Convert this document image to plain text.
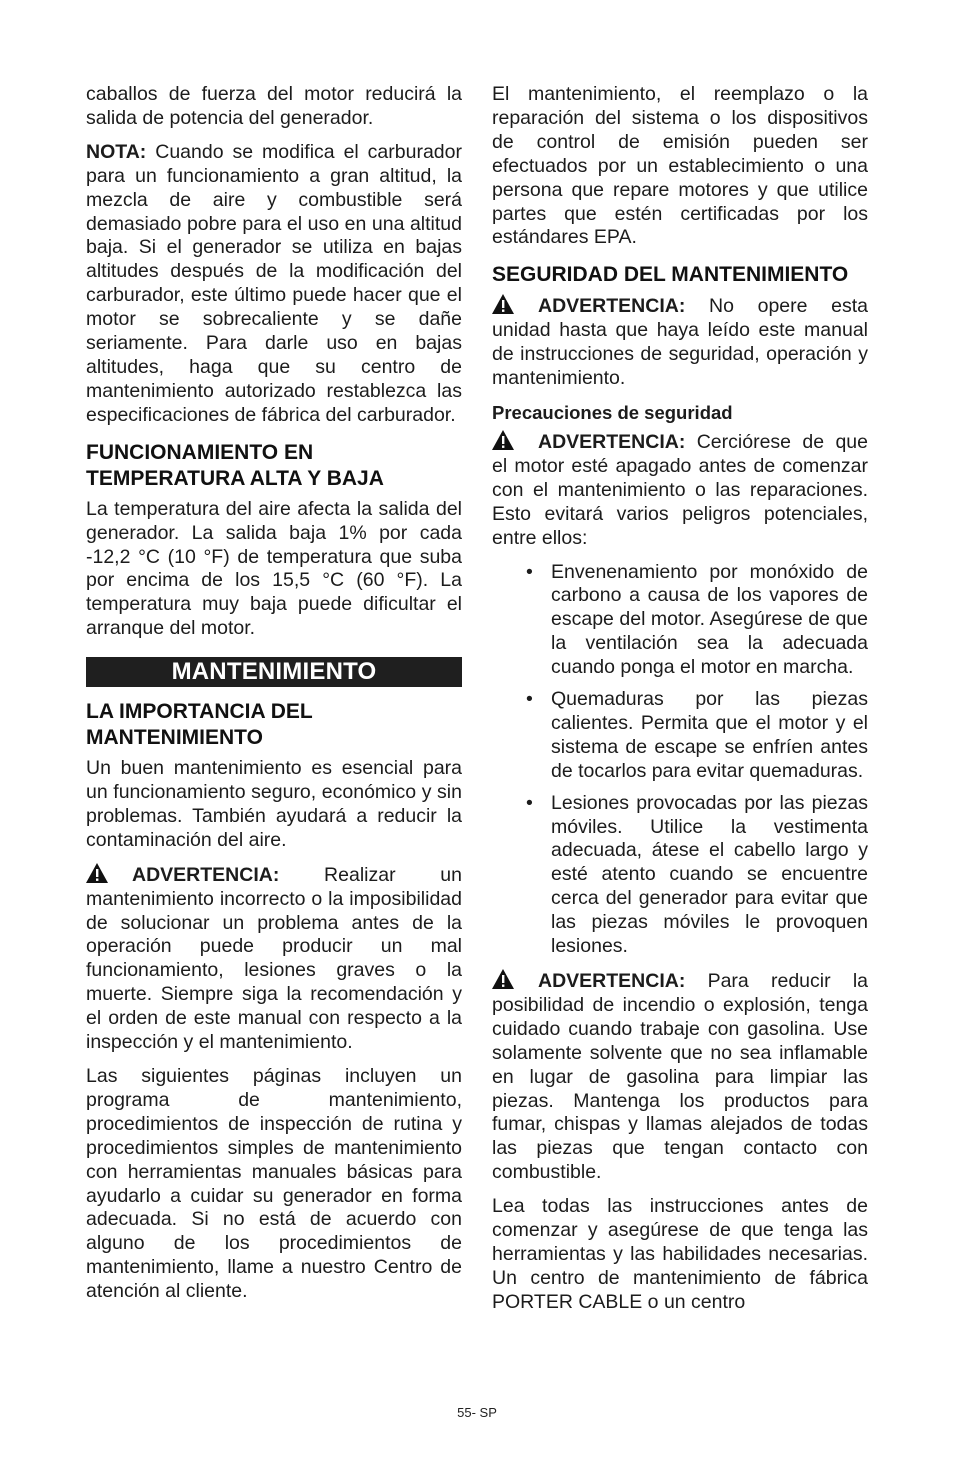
caballos de fuerza del motor reducirá la salida de potencia del generador.

NOTA: Cuando se modifica el carburador para un funcionamiento a gran altitud, la mezcla de aire y combustible será demasiado pobre para el uso en una altitud baja. Si el generador se utiliza en bajas altitudes después de la modificación del carburador, este último puede hacer que el motor se sobrecaliente y se dañe seriamente. Para darle uso en bajas altitudes, haga que su centro de mantenimiento autorizado restablezca las especificaciones de fábrica del carburador.

FUNCIONAMIENTO EN TEMPERATURA ALTA Y BAJA

La temperatura del aire afecta la salida del generador. La salida baja 1% por cada -12,2 °C (10 °F) de temperatura que suba por encima de los 15,5 °C (60 °F). La temperatura muy baja puede dificultar el arranque del motor.

MANTENIMIENTO
LA IMPORTANCIA DEL MANTENIMIENTO

Un buen mantenimiento es esencial para un funcionamiento seguro, económico y sin problemas. También ayudará a reducir la contaminación del aire.

ADVERTENCIA: Realizar un mantenimiento incorrecto o la imposibilidad de solucionar un problema antes de la operación puede producir un mal funcionamiento, lesiones graves o la muerte. Siempre siga la recomendación y el orden de este manual con respecto a la inspección y el mantenimiento.

Las siguientes páginas incluyen un programa de mantenimiento, procedimientos de inspección de rutina y procedimientos simples de mantenimiento con herramientas manuales básicas para ayudarlo a cuidar su generador en forma adecuada. Si no está de acuerdo con alguno de los procedimientos de mantenimiento, llame a nuestro Centro de atención al cliente.

El mantenimiento, el reemplazo o la reparación del sistema o los dispositivos de control de emisión pueden ser efectuados por un establecimiento o una persona que repare motores y que utilice partes que estén certificadas por los estándares EPA.

SEGURIDAD DEL MANTENIMIENTO

ADVERTENCIA: No opere esta unidad hasta que haya leído este manual de instrucciones de seguridad, operación y mantenimiento.

Precauciones de seguridad

ADVERTENCIA: Cerciórese de que el motor esté apagado antes de comenzar con el mantenimiento o las reparaciones. Esto evitará varios peligros potenciales, entre ellos:

• Envenenamiento por monóxido de carbono a causa de los vapores de escape del motor. Asegúrese de que la ventilación sea la adecuada cuando ponga el motor en marcha.
• Quemaduras por las piezas calientes. Permita que el motor y el sistema de escape se enfríen antes de tocarlos para evitar quemaduras.
• Lesiones provocadas por las piezas móviles. Utilice la vestimenta adecuada, átese el cabello largo y esté atento cuando se encuentre cerca del generador para evitar que las piezas móviles le provoquen lesiones.

ADVERTENCIA: Para reducir la posibilidad de incendio o explosión, tenga cuidado cuando trabaje con gasolina. Use solamente solvente que no sea inflamable en lugar de gasolina para limpiar las piezas. Mantenga los productos para fumar, chispas y llamas alejados de todas las piezas que tengan contacto con combustible.

Lea todas las instrucciones antes de comenzar y asegúrese de que tenga las herramientas y las habilidades necesarias. Un centro de mantenimiento de fábrica PORTER CABLE o un centro

55- SP
